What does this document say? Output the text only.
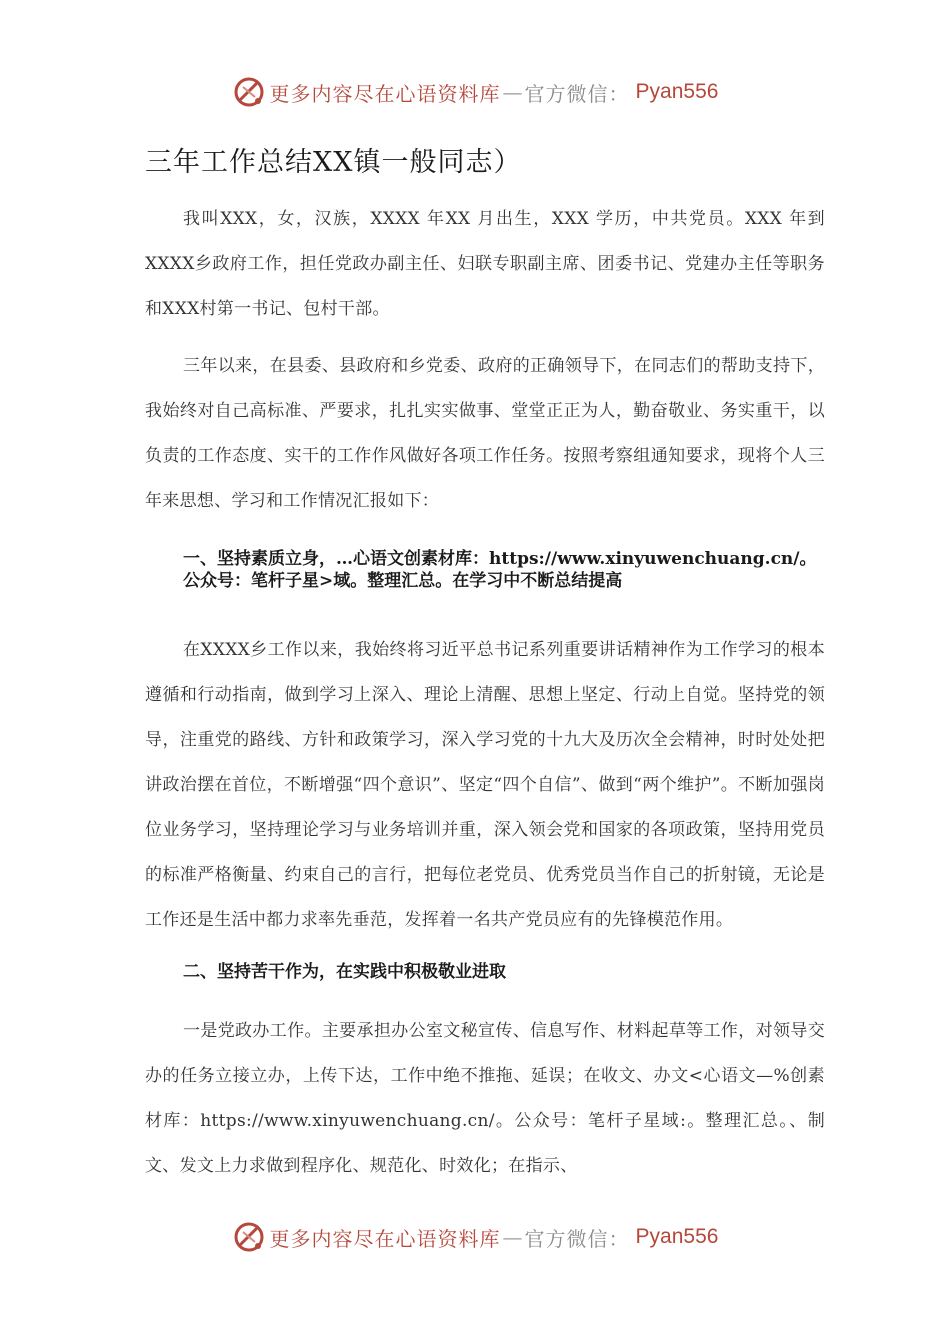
更多内容尽在心语资料库 — 官方微信： Pyan556
三年工作总结XX镇一般同志）

我叫XXX，女，汉族，XXXX 年XX 月出生，XXX 学历，中共党员。XXX 年到XXXX乡政府工作，担任党政办副主任、妇联专职副主席、团委书记、党建办主任等职务和XXX村第一书记、包村干部。

三年以来，在县委、县政府和乡党委、政府的正确领导下，在同志们的帮助支持下，我始终对自己高标准、严要求，扎扎实实做事、堂堂正正为人，勤奋敬业、务实重干，以负责的工作态度、实干的工作作风做好各项工作任务。按照考察组通知要求，现将个人三年来思想、学习和工作情况汇报如下：

一、坚持素质立身，…心语文创素材库：https://www.xinyuwenchuang.cn/。公众号：笔杆子星>域。整理汇总。在学习中不断总结提高

在XXXX乡工作以来，我始终将习近平总书记系列重要讲话精神作为工作学习的根本遵循和行动指南，做到学习上深入、理论上清醒、思想上坚定、行动上自觉。坚持党的领导，注重党的路线、方针和政策学习，深入学习党的十九大及历次全会精神，时时处处把讲政治摆在首位，不断增强“四个意识”、坚定“四个自信”、做到“两个维护”。不断加强岗位业务学习，坚持理论学习与业务培训并重，深入领会党和国家的各项政策，坚持用党员的标准严格衡量、约束自己的言行，把每位老党员、优秀党员当作自己的折射镜，无论是工作还是生活中都力求率先垂范，发挥着一名共产党员应有的先锋模范作用。

二、坚持苦干作为，在实践中积极敬业进取

一是党政办工作。主要承担办公室文秘宣传、信息写作、材料起草等工作，对领导交办的任务立接立办，上传下达，工作中绝不推拖、延误；在收文、办文<心语文—%创素材库：https://www.xinyuwenchuang.cn/。公众号：笔杆子星域:。整理汇总。、制文、发文上力求做到程序化、规范化、时效化；在指示、

更多内容尽在心语资料库 — 官方微信： Pyan556
